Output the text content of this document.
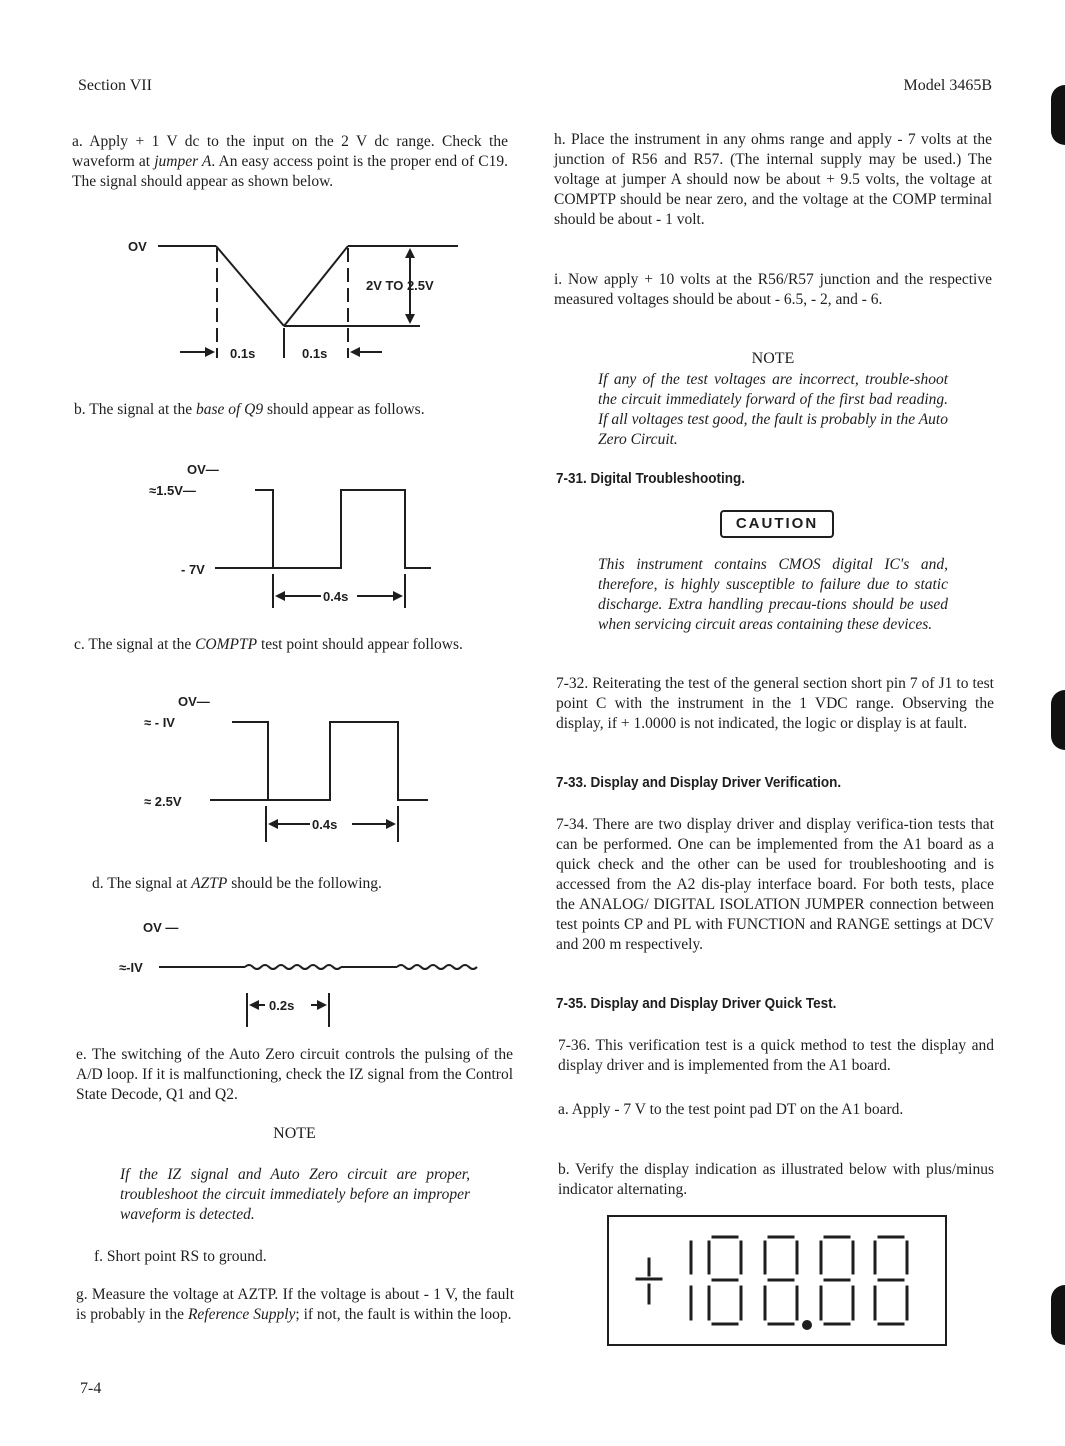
Section VII	Model 3465B
a. Apply + 1 V dc to the input on the 2 V dc range. Check the waveform at jumper A. An easy access point is the proper end of C19. The signal should appear as shown below.
OV
2V TO 2.5V
0.1s	0.1s
b. The signal at the base of Q9 should appear as follows.
OV—
≈1.5V—
- 7V
0.4s
c. The signal at the COMPTP test point should appear follows.
OV—
≈ - IV
≈ 2.5V
0.4s
d. The signal at AZTP should be the following.
OV —
≈-IV
0.2s
e. The switching of the Auto Zero circuit controls the pulsing of the A/D loop. If it is malfunctioning, check the IZ signal from the Control State Decode, Q1 and Q2.
NOTE
If the IZ signal and Auto Zero circuit are proper, troubleshoot the circuit immediately before an improper waveform is detected.
f. Short point RS to ground.
g. Measure the voltage at AZTP. If the voltage is about - 1 V, the fault is probably in the Reference Supply; if not, the fault is within the loop.
h. Place the instrument in any ohms range and apply - 7 volts at the junction of R56 and R57. (The internal supply may be used.) The voltage at jumper A should now be about + 9.5 volts, the voltage at COMPTP should be near zero, and the voltage at the COMP terminal should be about - 1 volt.
i. Now apply + 10 volts at the R56/R57 junction and the respective measured voltages should be about - 6.5, - 2, and - 6.
NOTE
If any of the test voltages are incorrect, trouble-shoot the circuit immediately forward of the first bad reading. If all voltages test good, the fault is probably in the Auto Zero Circuit.
7-31. Digital Troubleshooting.
CAUTION
This instrument contains CMOS digital IC's and, therefore, is highly susceptible to failure due to static discharge. Extra handling precau-tions should be used when servicing circuit areas containing these devices.
7-32. Reiterating the test of the general section short pin 7 of J1 to test point C with the instrument in the 1 VDC range. Observing the display, if + 1.0000 is not indicated, the logic or display is at fault.
7-33. Display and Display Driver Verification.
7-34. There are two display driver and display verifica-tion tests that can be performed. One can be implemented from the A1 board as a quick check and the other can be used for troubleshooting and is accessed from the A2 dis-play interface board. For both tests, place the ANALOG/ DIGITAL ISOLATION JUMPER connection between test points CP and PL with FUNCTION and RANGE settings at DCV and 200 m respectively.
7-35. Display and Display Driver Quick Test.
7-36. This verification test is a quick method to test the display and display driver and is implemented from the A1 board.
a. Apply - 7 V to the test point pad DT on the A1 board.
b. Verify the display indication as illustrated below with plus/minus indicator alternating.
7-4
